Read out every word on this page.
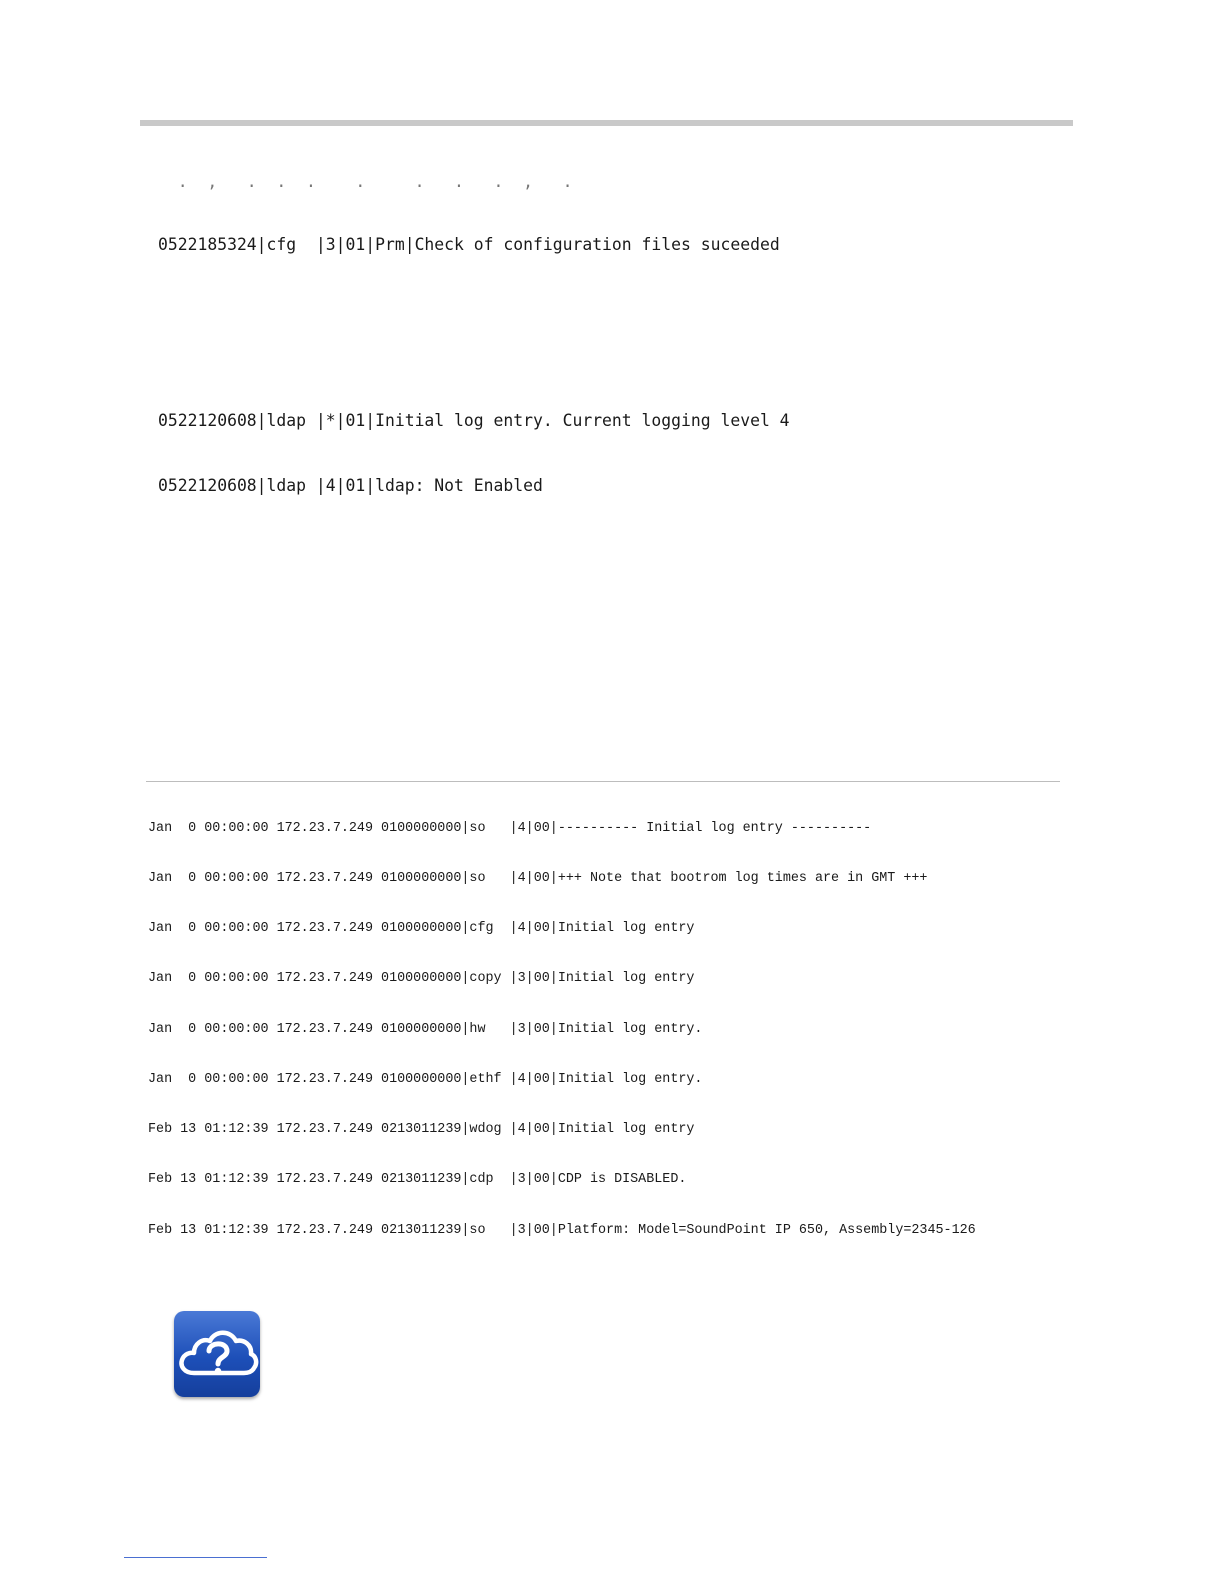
.  ,   .  .  .    .     .   .   .  ,   .

0522185324|cfg  |3|01|Prm|Check of configuration files suceeded

0522120608|ldap |*|01|Initial log entry. Current logging level 4

0522120608|ldap |4|01|ldap: Not Enabled

Jan  0 00:00:00 172.23.7.249 0100000000|so   |4|00|---------- Initial log entry ----------

Jan  0 00:00:00 172.23.7.249 0100000000|so   |4|00|+++ Note that bootrom log times are in GMT +++

Jan  0 00:00:00 172.23.7.249 0100000000|cfg  |4|00|Initial log entry

Jan  0 00:00:00 172.23.7.249 0100000000|copy |3|00|Initial log entry

Jan  0 00:00:00 172.23.7.249 0100000000|hw   |3|00|Initial log entry.

Jan  0 00:00:00 172.23.7.249 0100000000|ethf |4|00|Initial log entry.

Feb 13 01:12:39 172.23.7.249 0213011239|wdog |4|00|Initial log entry

Feb 13 01:12:39 172.23.7.249 0213011239|cdp  |3|00|CDP is DISABLED.

Feb 13 01:12:39 172.23.7.249 0213011239|so   |3|00|Platform: Model=SoundPoint IP 650, Assembly=2345-126
